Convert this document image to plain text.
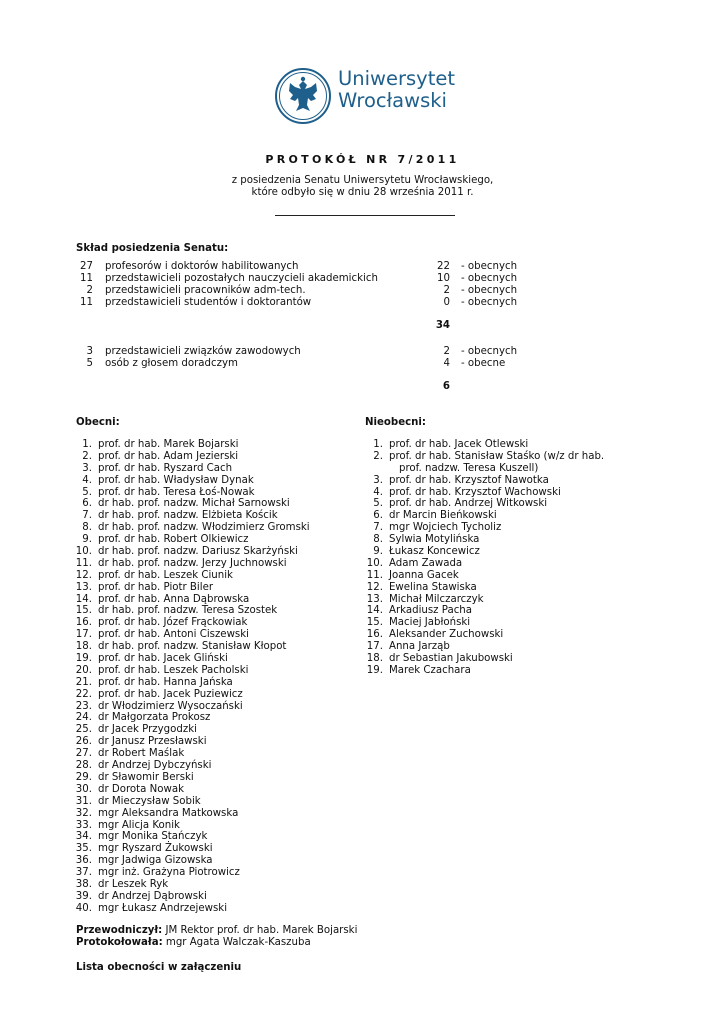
Uniwersytet
Wrocławski
PROTOKÓŁ NR 7/2011
z posiedzenia Senatu Uniwersytetu Wrocławskiego,
które odbyło się w dniu 28 września 2011 r.
Skład posiedzenia Senatu:
27 profesorów i doktorów habilitowanych	22 - obecnych
11 przedstawicieli pozostałych nauczycieli akademickich	10 - obecnych
2 przedstawicieli pracowników adm-tech.	2 - obecnych
11 przedstawicieli studentów i doktorantów	0 - obecnych
34
3 przedstawicieli związków zawodowych	2 - obecnych
5 osób z głosem doradczym	4 - obecne
6
Obecni:	Nieobecni:
1. prof. dr hab. Marek Bojarski
2. prof. dr hab. Adam Jezierski
3. prof. dr hab. Ryszard Cach
4. prof. dr hab. Władysław Dynak
5. prof. dr hab. Teresa Łoś-Nowak
6. dr hab. prof. nadzw. Michał Sarnowski
7. dr hab. prof. nadzw. Elżbieta Kościk
8. dr hab. prof. nadzw. Włodzimierz Gromski
9. prof. dr hab. Robert Olkiewicz
10. dr hab. prof. nadzw. Dariusz Skarżyński
11. dr hab. prof. nadzw. Jerzy Juchnowski
12. prof. dr hab. Leszek Ciunik
13. prof. dr hab. Piotr Biler
14. prof. dr hab. Anna Dąbrowska
15. dr hab. prof. nadzw. Teresa Szostek
16. prof. dr hab. Józef Frąckowiak
17. prof. dr hab. Antoni Ciszewski
18. dr hab. prof. nadzw. Stanisław Kłopot
19. prof. dr hab. Jacek Gliński
20. prof. dr hab. Leszek Pacholski
21. prof. dr hab. Hanna Jańska
22. prof. dr hab. Jacek Puziewicz
23. dr Włodzimierz Wysoczański
24. dr Małgorzata Prokosz
25. dr Jacek Przygodzki
26. dr Janusz Przesławski
27. dr Robert Maślak
28. dr Andrzej Dybczyński
29. dr Sławomir Berski
30. dr Dorota Nowak
31. dr Mieczysław Sobik
32. mgr Aleksandra Matkowska
33. mgr Alicja Konik
34. mgr Monika Stańczyk
35. mgr Ryszard Żukowski
36. mgr Jadwiga Gizowska
37. mgr inż. Grażyna Piotrowicz
38. dr Leszek Ryk
39. dr Andrzej Dąbrowski
40. mgr Łukasz Andrzejewski
1. prof. dr hab. Jacek Otlewski
2. prof. dr hab. Stanisław Staśko (w/z dr hab.
prof. nadzw. Teresa Kuszell)
3. prof. dr hab. Krzysztof Nawotka
4. prof. dr hab. Krzysztof Wachowski
5. prof. dr hab. Andrzej Witkowski
6. dr Marcin Bieńkowski
7. mgr Wojciech Tycholiz
8. Sylwia Motylińska
9. Łukasz Koncewicz
10. Adam Zawada
11. Joanna Gacek
12. Ewelina Stawiska
13. Michał Milczarczyk
14. Arkadiusz Pacha
15. Maciej Jabłoński
16. Aleksander Zuchowski
17. Anna Jarząb
18. dr Sebastian Jakubowski
19. Marek Czachara
Przewodniczył: JM Rektor prof. dr hab. Marek Bojarski
Protokołowała: mgr Agata Walczak-Kaszuba
Lista obecności w załączeniu
